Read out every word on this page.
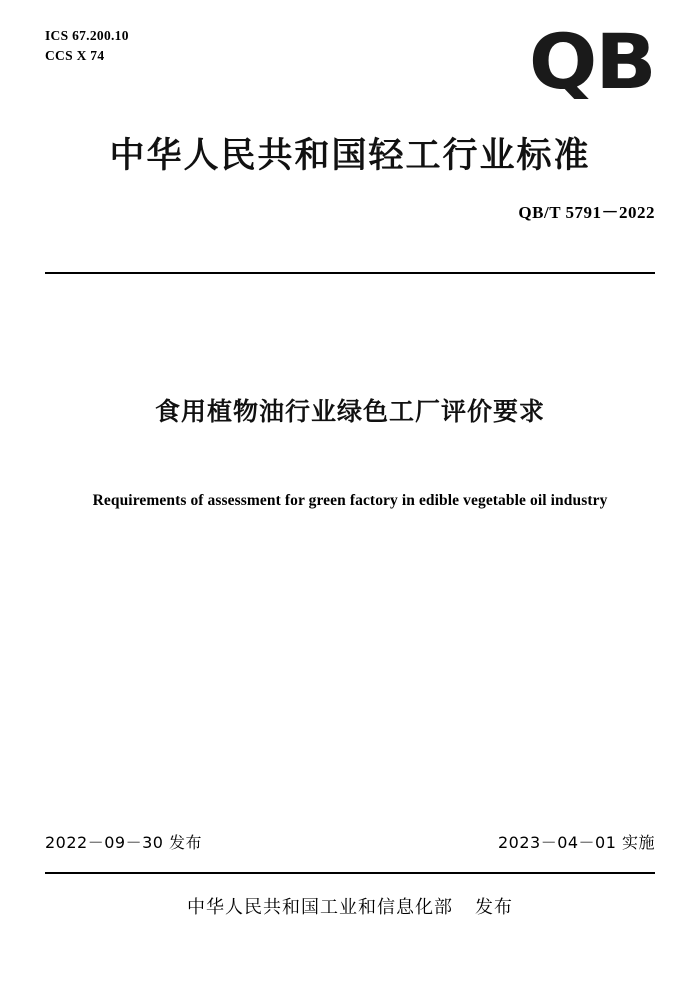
ICS 67.200.10
CCS X 74	QB
中华人民共和国轻工行业标准
QB/T 5791－2022
食用植物油行业绿色工厂评价要求
Requirements of assessment for green factory in edible vegetable oil industry
2022－09－30 发布	2023－04－01 实施
中华人民共和国工业和信息化部 发布
